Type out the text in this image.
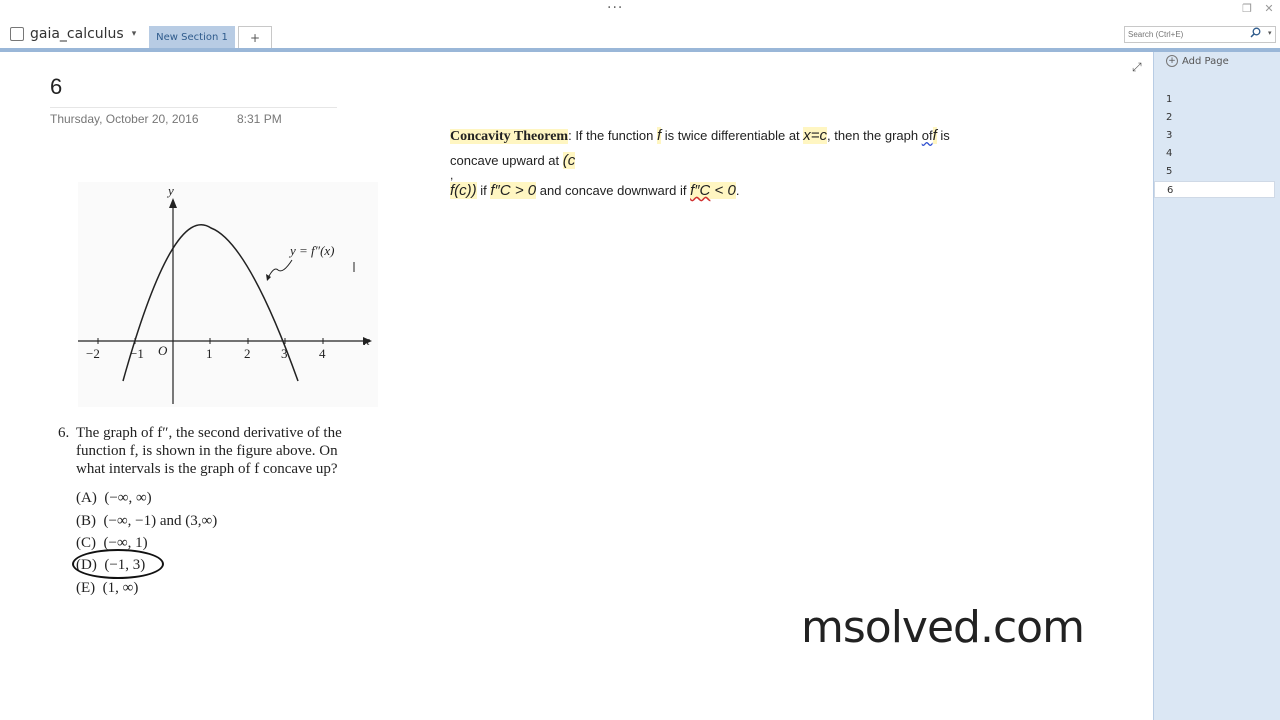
···	❐ ✕
gaia_calculus ▾ New Section 1 +
Search (Ctrl+E)	▾
6
Thursday, October 20, 2016	8:31 PM
⤢
y
x
O
y = f″(x)
−2 −1	1 2 3 4
6. The graph of f″, the second derivative of the
function f, is shown in the figure above. On
what intervals is the graph of f concave up?
(A) (−∞, ∞)
(B) (−∞, −1) and (3,∞)
(C) (−∞, 1)
(D) (−1, 3)
(E) (1, ∞)
Concavity Theorem: If the function f is twice differentiable at x=c, then the graph off is
concave upward at (c
,
f(c)) if f″C > 0 and concave downward if f″C < 0.
msolved.com
+ Add Page
1
2
3
4
5
6
